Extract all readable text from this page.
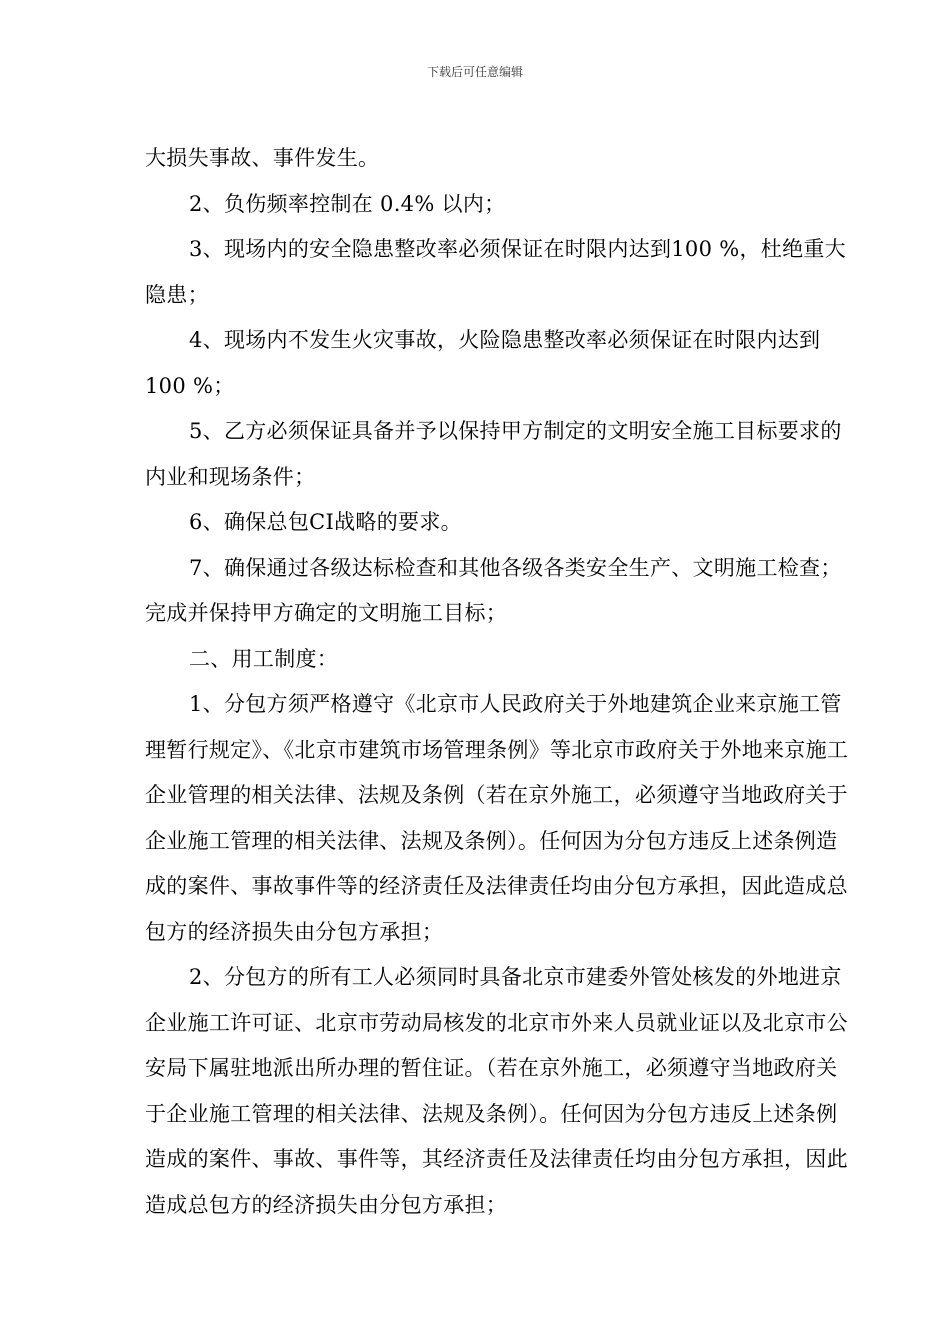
下载后可任意编辑

大损失事故、事件发生。

2、负伤频率控制在 0.4% 以内；

3、现场内的安全隐患整改率必须保证在时限内达到100 %，杜绝重大隐患；

4、现场内不发生火灾事故，火险隐患整改率必须保证在时限内达到100 %；

5、乙方必须保证具备并予以保持甲方制定的文明安全施工目标要求的内业和现场条件；

6、确保总包CI战略的要求。

7、确保通过各级达标检查和其他各级各类安全生产、文明施工检查；完成并保持甲方确定的文明施工目标；

二、用工制度：

1、分包方须严格遵守《北京市人民政府关于外地建筑企业来京施工管理暂行规定》、《北京市建筑市场管理条例》等北京市政府关于外地来京施工企业管理的相关法律、法规及条例（若在京外施工，必须遵守当地政府关于企业施工管理的相关法律、法规及条例）。任何因为分包方违反上述条例造成的案件、事故事件等的经济责任及法律责任均由分包方承担，因此造成总包方的经济损失由分包方承担；

2、分包方的所有工人必须同时具备北京市建委外管处核发的外地进京企业施工许可证、北京市劳动局核发的北京市外来人员就业证以及北京市公安局下属驻地派出所办理的暂住证。（若在京外施工，必须遵守当地政府关于企业施工管理的相关法律、法规及条例）。任何因为分包方违反上述条例造成的案件、事故、事件等，其经济责任及法律责任均由分包方承担，因此造成总包方的经济损失由分包方承担；
